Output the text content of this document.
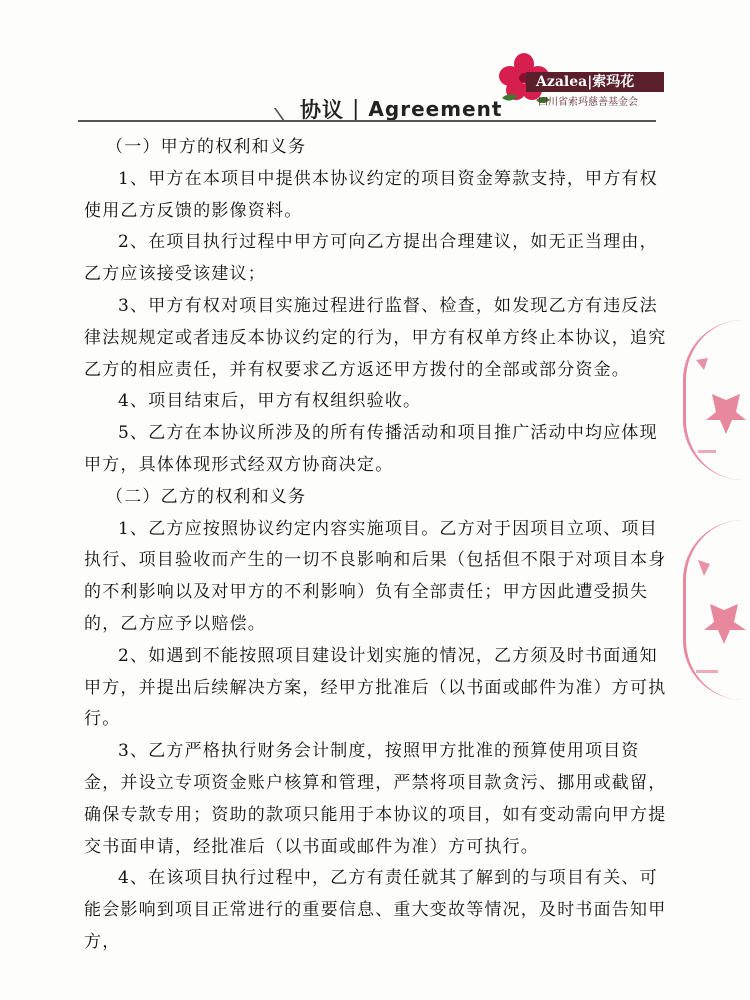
Azalea|索玛花
四川省索玛慈善基金会
协议 | Agreement

（一）甲方的权利和义务

1、甲方在本项目中提供本协议约定的项目资金筹款支持，甲方有权使用乙方反馈的影像资料。

2、在项目执行过程中甲方可向乙方提出合理建议，如无正当理由，乙方应该接受该建议；

3、甲方有权对项目实施过程进行监督、检查，如发现乙方有违反法律法规规定或者违反本协议约定的行为，甲方有权单方终止本协议，追究乙方的相应责任，并有权要求乙方返还甲方拨付的全部或部分资金。

4、项目结束后，甲方有权组织验收。

5、乙方在本协议所涉及的所有传播活动和项目推广活动中均应体现甲方，具体体现形式经双方协商决定。

（二）乙方的权利和义务

1、乙方应按照协议约定内容实施项目。乙方对于因项目立项、项目执行、项目验收而产生的一切不良影响和后果（包括但不限于对项目本身的不利影响以及对甲方的不利影响）负有全部责任；甲方因此遭受损失的，乙方应予以赔偿。

2、如遇到不能按照项目建设计划实施的情况，乙方须及时书面通知甲方，并提出后续解决方案，经甲方批准后（以书面或邮件为准）方可执行。

3、乙方严格执行财务会计制度，按照甲方批准的预算使用项目资金，并设立专项资金账户核算和管理，严禁将项目款贪污、挪用或截留，确保专款专用；资助的款项只能用于本协议的项目，如有变动需向甲方提交书面申请，经批准后（以书面或邮件为准）方可执行。

4、在该项目执行过程中，乙方有责任就其了解到的与项目有关、可能会影响到项目正常进行的重要信息、重大变故等情况，及时书面告知甲方，
